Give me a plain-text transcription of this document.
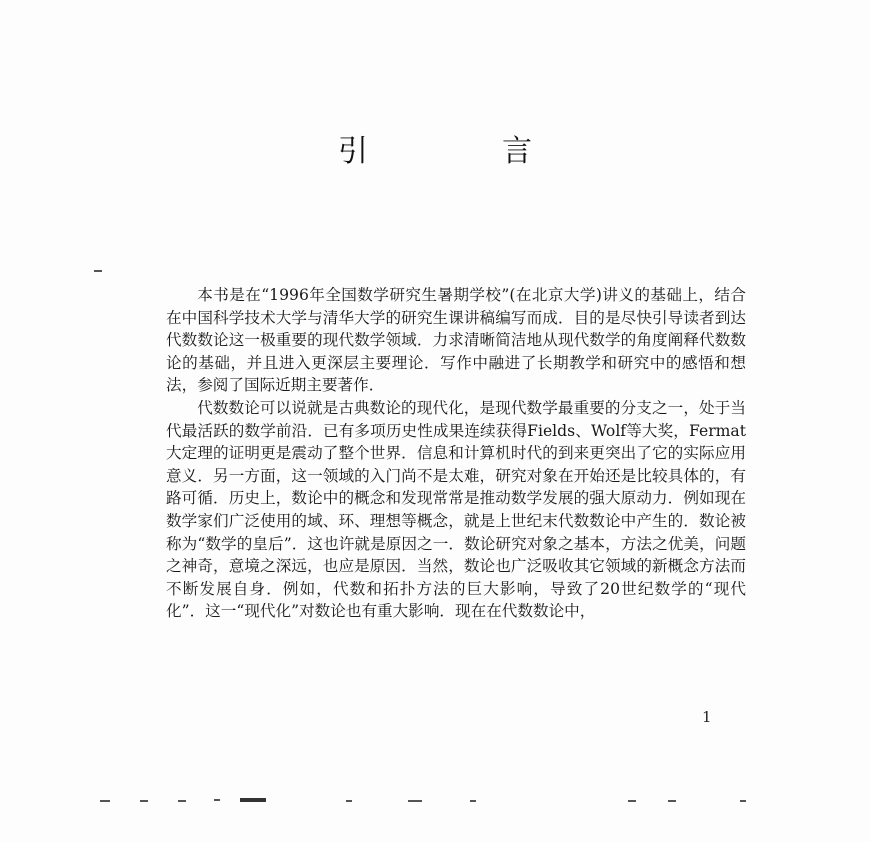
引　言

本书是在“1996年全国数学研究生暑期学校”(在北京大学)讲义的基础上，结合在中国科学技术大学与清华大学的研究生课讲稿编写而成．目的是尽快引导读者到达代数数论这一极重要的现代数学领域．力求清晰简洁地从现代数学的角度阐释代数数论的基础，并且进入更深层主要理论．写作中融进了长期教学和研究中的感悟和想法，参阅了国际近期主要著作．

代数数论可以说就是古典数论的现代化，是现代数学最重要的分支之一，处于当代最活跃的数学前沿．已有多项历史性成果连续获得Fields、Wolf等大奖，Fermat大定理的证明更是震动了整个世界．信息和计算机时代的到来更突出了它的实际应用意义．另一方面，这一领域的入门尚不是太难，研究对象在开始还是比较具体的，有路可循．历史上，数论中的概念和发现常常是推动数学发展的强大原动力．例如现在数学家们广泛使用的域、环、理想等概念，就是上世纪末代数数论中产生的．数论被称为“数学的皇后”．这也许就是原因之一．数论研究对象之基本，方法之优美，问题之神奇，意境之深远，也应是原因．当然，数论也广泛吸收其它领域的新概念方法而不断发展自身．例如，代数和拓扑方法的巨大影响，导致了20世纪数学的“现代化”．这一“现代化”对数论也有重大影响．现在在代数数论中，

1
